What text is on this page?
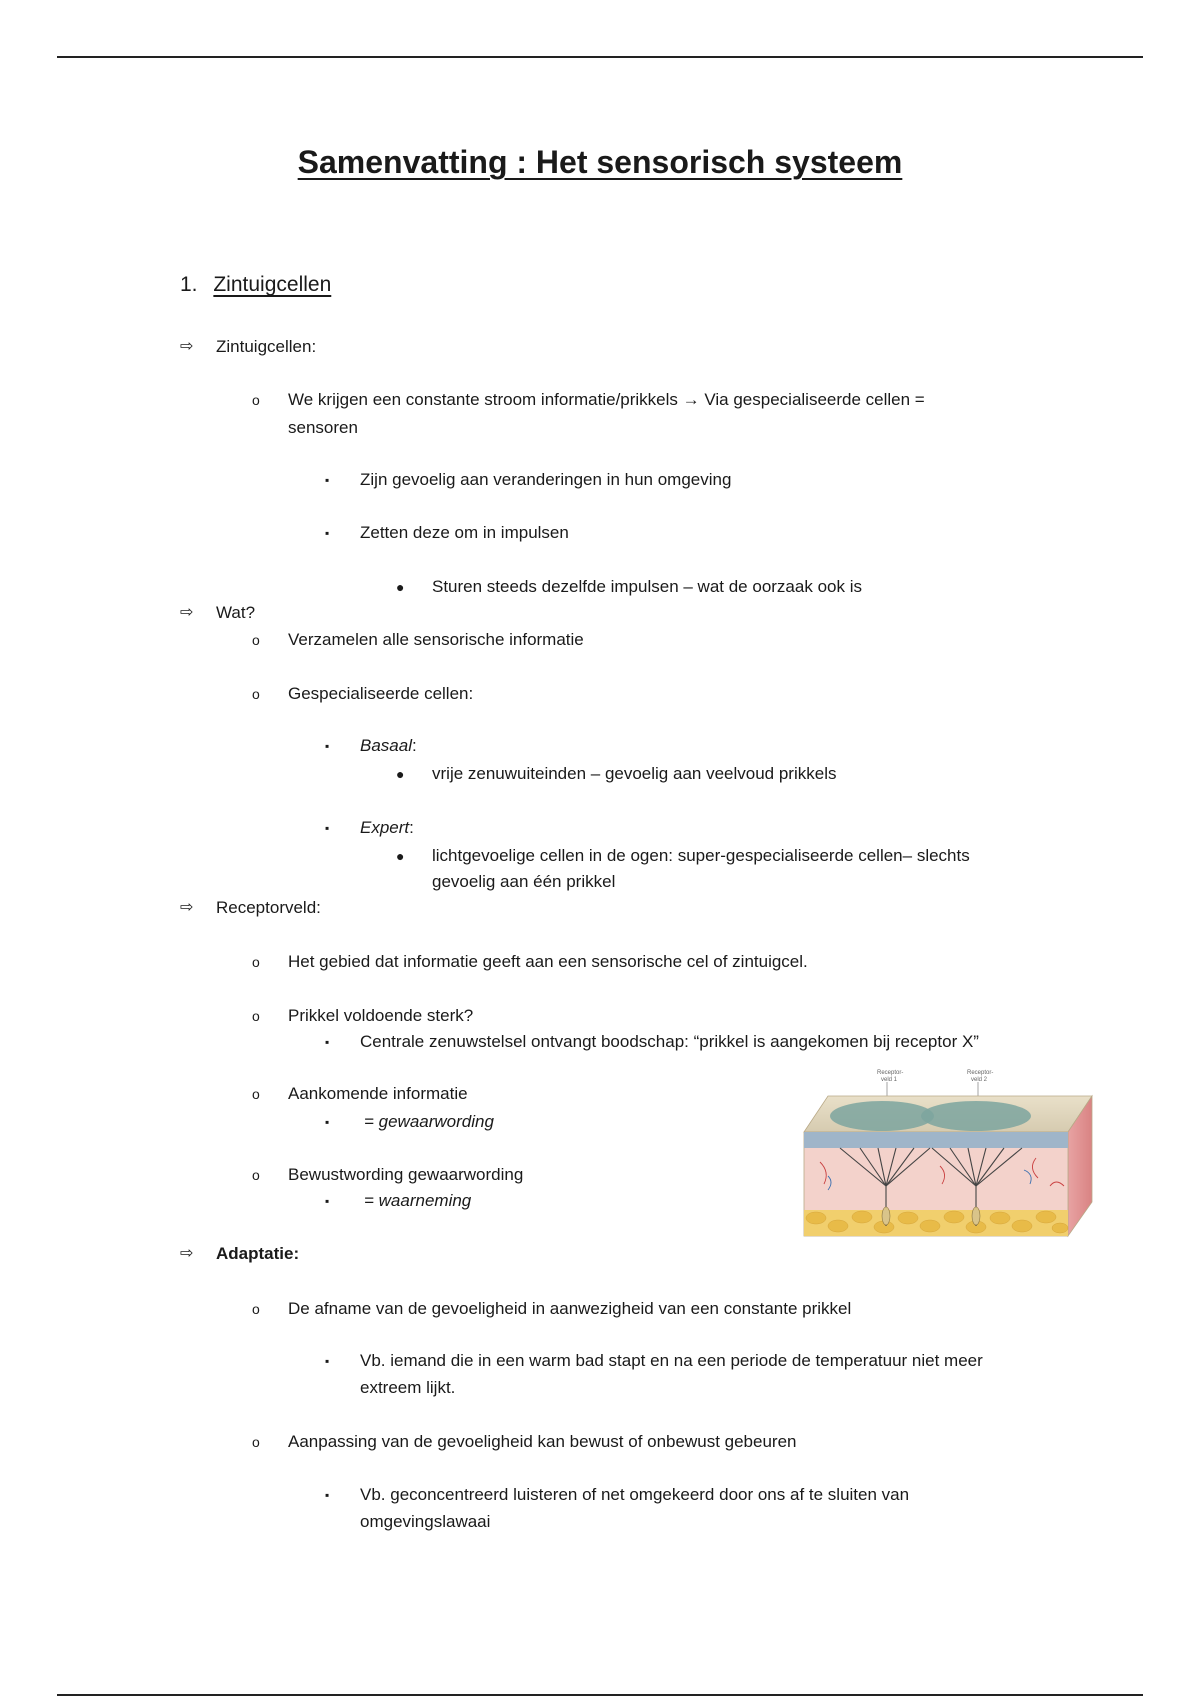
Samenvatting : Het sensorisch systeem
1. Zintuigcellen
⇨ Zintuigcellen:
o We krijgen een constante stroom informatie/prikkels → Via gespecialiseerde cellen =
sensoren
▪ Zijn gevoelig aan veranderingen in hun omgeving
▪ Zetten deze om in impulsen
● Sturen steeds dezelfde impulsen – wat de oorzaak ook is
⇨ Wat?
o Verzamelen alle sensorische informatie
o Gespecialiseerde cellen:
▪ Basaal:
● vrije zenuwuiteinden – gevoelig aan veelvoud prikkels
▪ Expert:
● lichtgevoelige cellen in de ogen: super-gespecialiseerde cellen– slechts
gevoelig aan één prikkel
⇨ Receptorveld:
o Het gebied dat informatie geeft aan een sensorische cel of zintuigcel.
o Prikkel voldoende sterk?
▪ Centrale zenuwstelsel ontvangt boodschap: “prikkel is aangekomen bij receptor X”
o Aankomende informatie
▪ = gewaarwording
o Bewustwording gewaarwording
▪ = waarneming
Receptor-veld 1
Receptor-veld 2
⇨ Adaptatie:
o De afname van de gevoeligheid in aanwezigheid van een constante prikkel
▪ Vb. iemand die in een warm bad stapt en na een periode de temperatuur niet meer
extreem lijkt.
o Aanpassing van de gevoeligheid kan bewust of onbewust gebeuren
▪ Vb. geconcentreerd luisteren of net omgekeerd door ons af te sluiten van
omgevingslawaai
